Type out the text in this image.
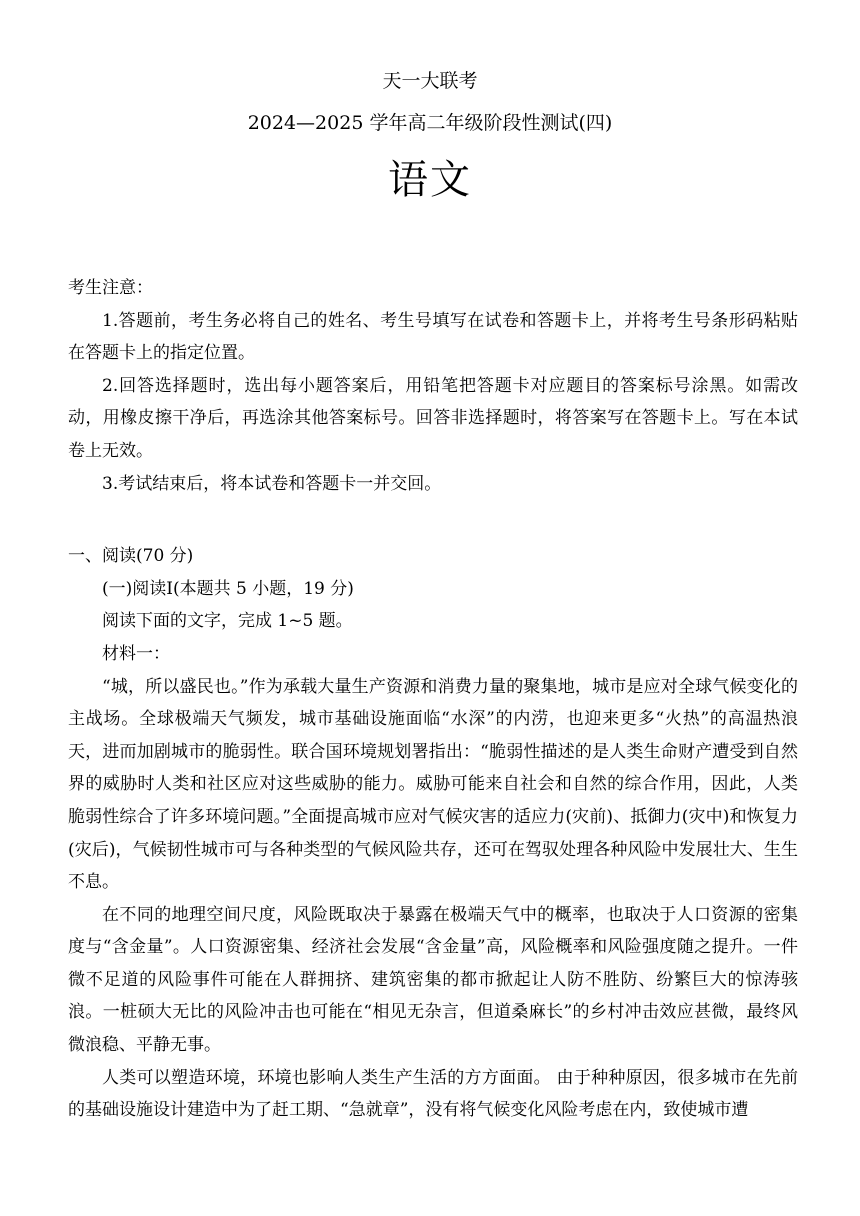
天一大联考
2024—2025 学年高二年级阶段性测试(四)
语文

考生注意：

1.答题前，考生务必将自己的姓名、考生号填写在试卷和答题卡上，并将考生号条形码粘贴在答题卡上的指定位置。

2.回答选择题时，选出每小题答案后，用铅笔把答题卡对应题目的答案标号涂黑。如需改动，用橡皮擦干净后，再选涂其他答案标号。回答非选择题时，将答案写在答题卡上。写在本试卷上无效。

3.考试结束后，将本试卷和答题卡一并交回。

一、阅读(70 分)

(一)阅读Ⅰ(本题共 5 小题，19 分)

阅读下面的文字，完成 1~5 题。

材料一：

“城，所以盛民也。”作为承载大量生产资源和消费力量的聚集地，城市是应对全球气候变化的主战场。全球极端天气频发，城市基础设施面临“水深”的内涝，也迎来更多“火热”的高温热浪天，进而加剧城市的脆弱性。联合国环境规划署指出：“脆弱性描述的是人类生命财产遭受到自然界的威胁时人类和社区应对这些威胁的能力。威胁可能来自社会和自然的综合作用，因此，人类脆弱性综合了许多环境问题。”全面提高城市应对气候灾害的适应力(灾前)、抵御力(灾中)和恢复力(灾后)，气候韧性城市可与各种类型的气候风险共存，还可在驾驭处理各种风险中发展壮大、生生不息。

在不同的地理空间尺度，风险既取决于暴露在极端天气中的概率，也取决于人口资源的密集度与“含金量”。人口资源密集、经济社会发展“含金量”高，风险概率和风险强度随之提升。一件微不足道的风险事件可能在人群拥挤、建筑密集的都市掀起让人防不胜防、纷繁巨大的惊涛骇浪。一桩硕大无比的风险冲击也可能在“相见无杂言，但道桑麻长”的乡村冲击效应甚微，最终风微浪稳、平静无事。

人类可以塑造环境，环境也影响人类生产生活的方方面面。 由于种种原因，很多城市在先前的基础设施设计建造中为了赶工期、“急就章”，没有将气候变化风险考虑在内，致使城市遭
